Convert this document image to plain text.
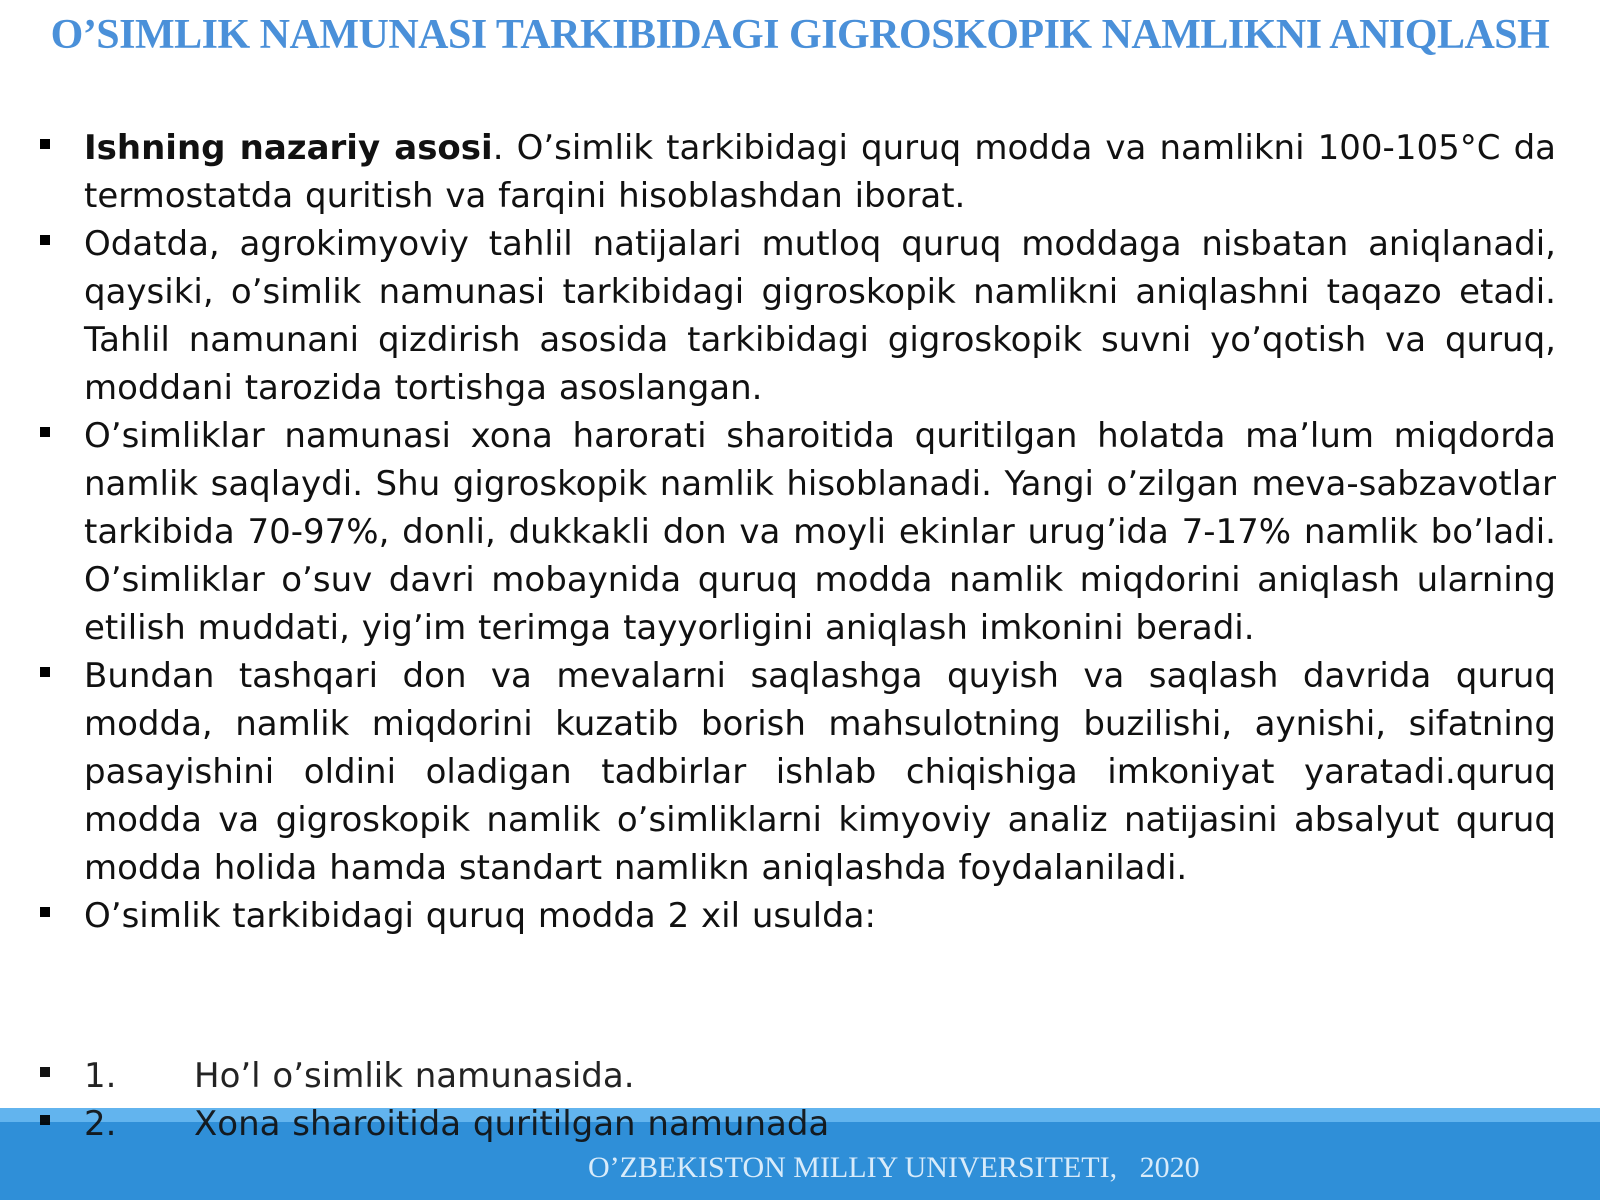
O’SIMLIK NAMUNASI TARKIBIDAGI GIGROSKOPIK NAMLIKNI ANIQLASH
Ishning nazariy asosi. O’simlik tarkibidagi quruq modda va namlikni 100-105°C da termostatda quritish va farqini hisoblashdan iborat.
Odatda, agrokimyoviy tahlil natijalari mutloq quruq moddaga nisbatan aniqlanadi, qaysiki, o’simlik namunasi tarkibidagi gigroskopik namlikni aniqlashni taqazo etadi. Tahlil namunani qizdirish asosida tarkibidagi gigroskopik suvni yo’qotish va quruq, moddani tarozida tortishga asoslangan.
O’simliklar namunasi xona harorati sharoitida quritilgan holatda ma’lum miqdorda namlik saqlaydi. Shu gigroskopik namlik hisoblanadi. Yangi o’zilgan meva-sabzavotlar tarkibida 70-97%, donli, dukkakli don va moyli ekinlar urug’ida 7-17% namlik bo’ladi. O’simliklar o’suv davri mobaynida quruq modda namlik miqdorini aniqlash ularning etilish muddati, yig’im terimga tayyorligini aniqlash imkonini beradi.
Bundan tashqari don va mevalarni saqlashga quyish va saqlash davrida quruq modda, namlik miqdorini kuzatib borish mahsulotning buzilishi, aynishi, sifatning pasayishini oldini oladigan tadbirlar ishlab chiqishiga imkoniyat yaratadi.quruq modda va gigroskopik namlik o’simliklarni kimyoviy analiz natijasini absalyut quruq modda holida hamda standart namlikn aniqlashda foydalaniladi.
O’simlik tarkibidagi quruq modda 2 xil usulda:
O’ZBEKISTON MILLIY UNIVERSITETI,   2020
1. Ho’l o’simlik namunasida.
2. Xona sharoitida quritilgan namunada
